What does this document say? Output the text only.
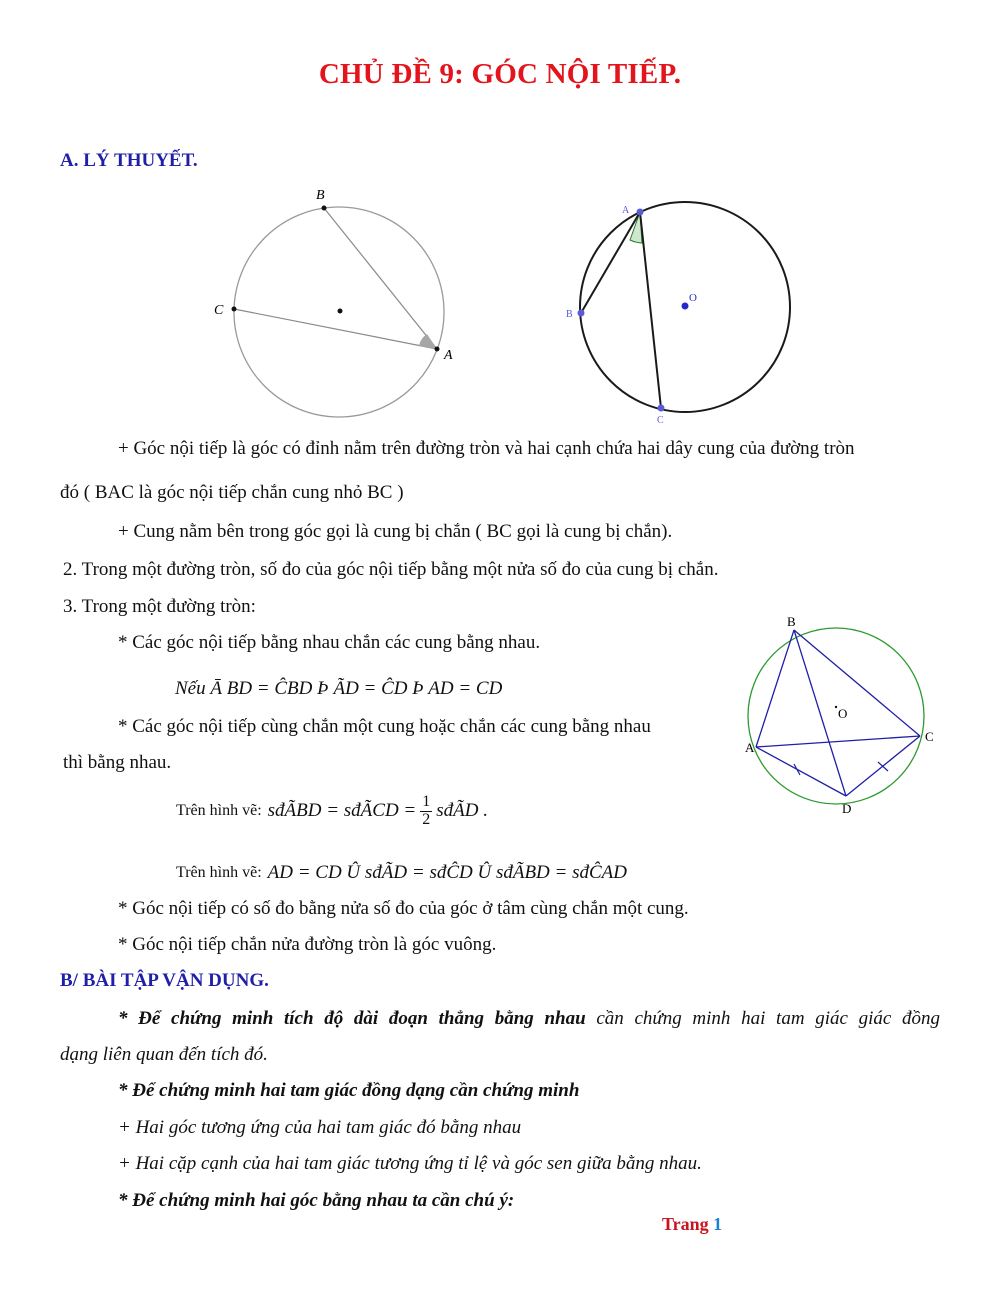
CHỦ ĐỀ 9: GÓC NỘI TIẾP.
A. LÝ THUYẾT.
B
C
A
A
O
B
C
+ Góc nội tiếp là góc có đỉnh nằm trên đường tròn và hai cạnh chứa hai dây cung của đường tròn
đó ( BAC là góc nội tiếp chắn cung nhỏ BC )
+ Cung nằm bên trong góc gọi là cung bị chắn ( BC gọi là cung bị chắn).
2. Trong một đường tròn, số đo của góc nội tiếp bằng một nửa số đo của cung bị chắn.
3. Trong một đường tròn:
* Các góc nội tiếp bằng nhau chắn các cung bằng nhau.
Nếu Ā BD = ĈBD Þ ÃD = ĈD Þ AD = CD
* Các góc nội tiếp cùng chắn một cung hoặc chắn các cung bằng nhau
thì bằng nhau.
B
O
C
A
D
Trên hình vẽ: sđÃBD = sđÃCD = $\frac{1}{2}$ sđÃD .
Trên hình vẽ: AD = CD Û sđÃD = sđĈD Û sđÃBD = sđĈAD
* Góc nội tiếp có số đo bằng nửa số đo của góc ở tâm cùng chắn một cung.
* Góc nội tiếp chắn nửa đường tròn là góc vuông.
B/ BÀI TẬP VẬN DỤNG.
* Để chứng minh tích độ dài đoạn thẳng bằng nhau cần chứng minh hai tam giác giác đồng
dạng liên quan đến tích đó.
* Để chứng minh hai tam giác đồng dạng cần chứng minh
+ Hai góc tương ứng của hai tam giác đó bằng nhau
+ Hai cặp cạnh của hai tam giác tương ứng tỉ lệ và góc sen giữa bằng nhau.
* Để chứng minh hai góc bằng nhau ta cần chú ý:
Trang 1
